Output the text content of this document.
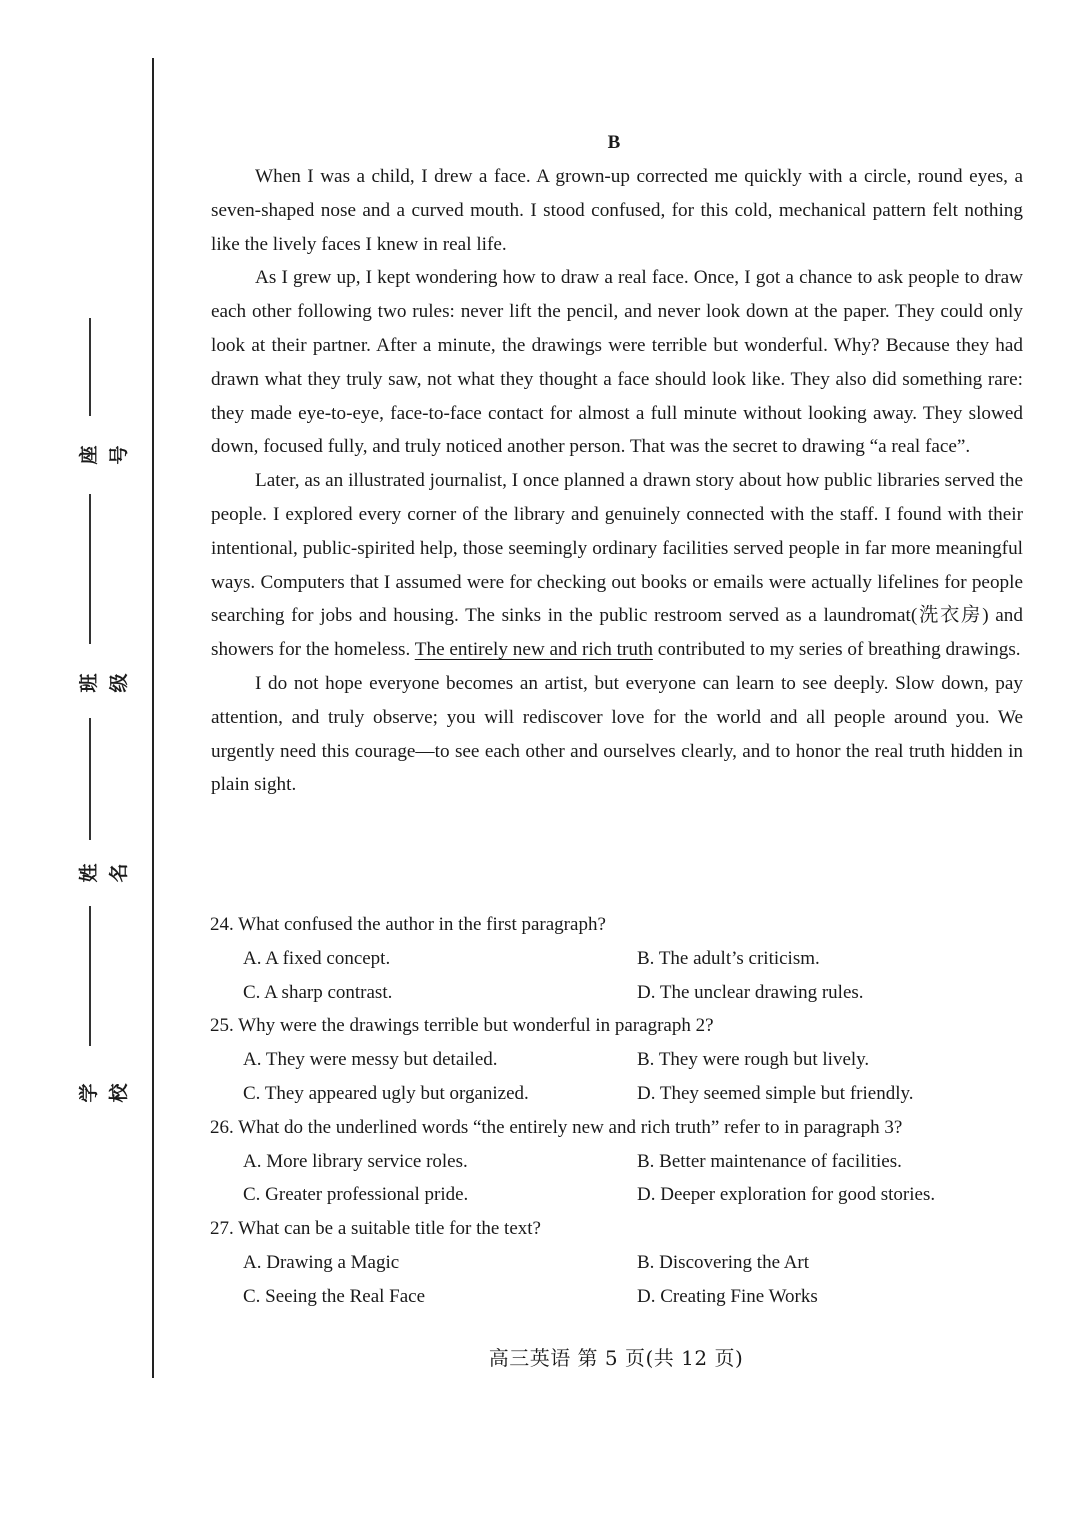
座号
班级
姓名
学校
B

When I was a child, I drew a face. A grown-up corrected me quickly with a circle, round eyes, a seven-shaped nose and a curved mouth. I stood confused, for this cold, mechanical pattern felt nothing like the lively faces I knew in real life.

As I grew up, I kept wondering how to draw a real face. Once, I got a chance to ask people to draw each other following two rules: never lift the pencil, and never look down at the paper. They could only look at their partner. After a minute, the drawings were terrible but wonderful. Why? Because they had drawn what they truly saw, not what they thought a face should look like. They also did something rare: they made eye-to-eye, face-to-face contact for almost a full minute without looking away. They slowed down, focused fully, and truly noticed another person. That was the secret to drawing “a real face”.

Later, as an illustrated journalist, I once planned a drawn story about how public libraries served the people. I explored every corner of the library and genuinely connected with the staff. I found with their intentional, public-spirited help, those seemingly ordinary facilities served people in far more meaningful ways. Computers that I assumed were for checking out books or emails were actually lifelines for people searching for jobs and housing. The sinks in the public restroom served as a laundromat(洗衣房) and showers for the homeless. The entirely new and rich truth contributed to my series of breathing drawings.

I do not hope everyone becomes an artist, but everyone can learn to see deeply. Slow down, pay attention, and truly observe; you will rediscover love for the world and all people around you. We urgently need this courage—to see each other and ourselves clearly, and to honor the real truth hidden in plain sight.

24. What confused the author in the first paragraph?
A. A fixed concept.	B. The adult’s criticism.
C. A sharp contrast.	D. The unclear drawing rules.
25. Why were the drawings terrible but wonderful in paragraph 2?
A. They were messy but detailed.	B. They were rough but lively.
C. They appeared ugly but organized.	D. They seemed simple but friendly.
26. What do the underlined words “the entirely new and rich truth” refer to in paragraph 3?
A. More library service roles.	B. Better maintenance of facilities.
C. Greater professional pride.	D. Deeper exploration for good stories.
27. What can be a suitable title for the text?
A. Drawing a Magic	B. Discovering the Art
C. Seeing the Real Face	D. Creating Fine Works
高三英语 第 5 页(共 12 页)
